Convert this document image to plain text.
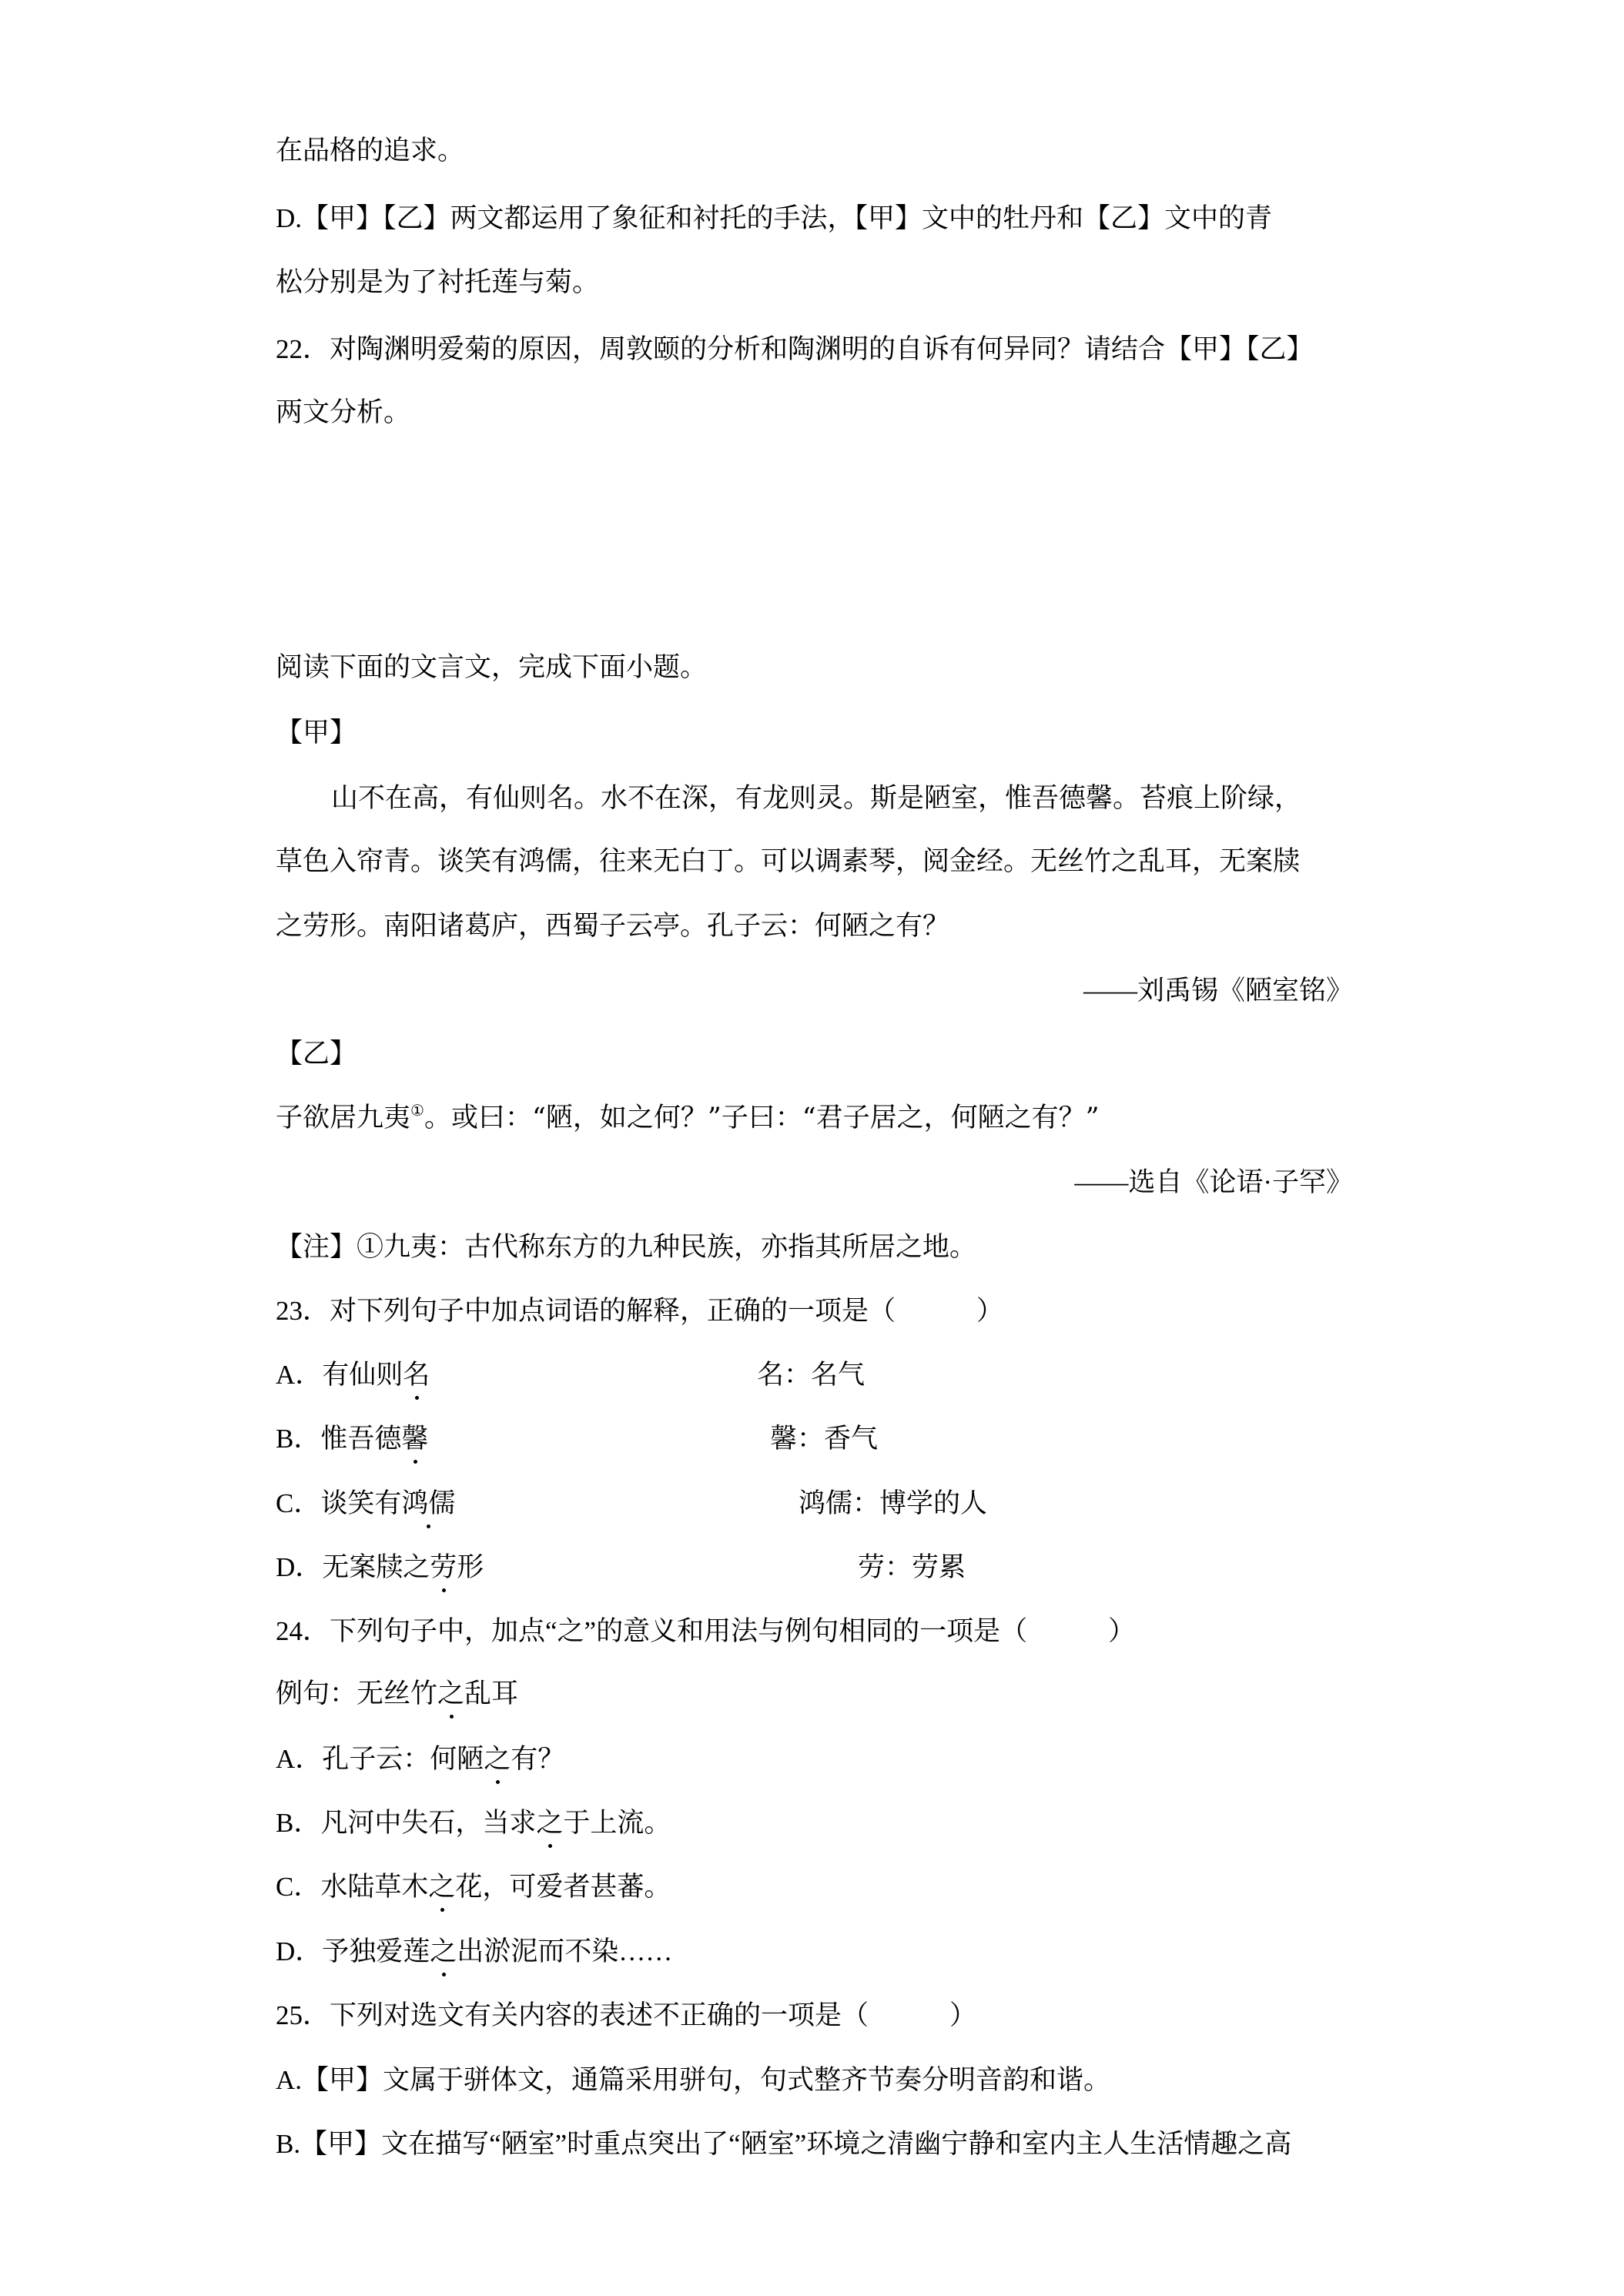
在品格的追求。
D.【甲】【乙】两文都运用了象征和衬托的手法，【甲】文中的牡丹和【乙】文中的青
松分别是为了衬托莲与菊。
22．对陶渊明爱菊的原因，周敦颐的分析和陶渊明的自诉有何异同？请结合【甲】【乙】
两文分析。
阅读下面的文言文，完成下面小题。
【甲】
山不在高，有仙则名。水不在深，有龙则灵。斯是陋室，惟吾德馨。苔痕上阶绿，
草色入帘青。谈笑有鸿儒，往来无白丁。可以调素琴，阅金经。无丝竹之乱耳，无案牍
之劳形。南阳诸葛庐，西蜀子云亭。孔子云：何陋之有？
——刘禹锡《陋室铭》
【乙】
子欲居九夷①。或曰：“陋，如之何？”子曰：“君子居之，何陋之有？”
——选自《论语·子罕》
【注】①九夷：古代称东方的九种民族，亦指其所居之地。
23．对下列句子中加点词语的解释，正确的一项是（　　　）
A．有仙则名	名：名气
B．惟吾德馨	馨：香气
C．谈笑有鸿儒	鸿儒：博学的人
D．无案牍之劳形	劳：劳累
24．下列句子中，加点“之”的意义和用法与例句相同的一项是（　　　）
例句：无丝竹之乱耳
A．孔子云：何陋之有？
B．凡河中失石，当求之于上流。
C．水陆草木之花，可爱者甚蕃。
D．予独爱莲之出淤泥而不染……
25．下列对选文有关内容的表述不正确的一项是（　　　）
A.【甲】文属于骈体文，通篇采用骈句，句式整齐节奏分明音韵和谐。
B.【甲】文在描写“陋室”时重点突出了“陋室”环境之清幽宁静和室内主人生活情趣之高
